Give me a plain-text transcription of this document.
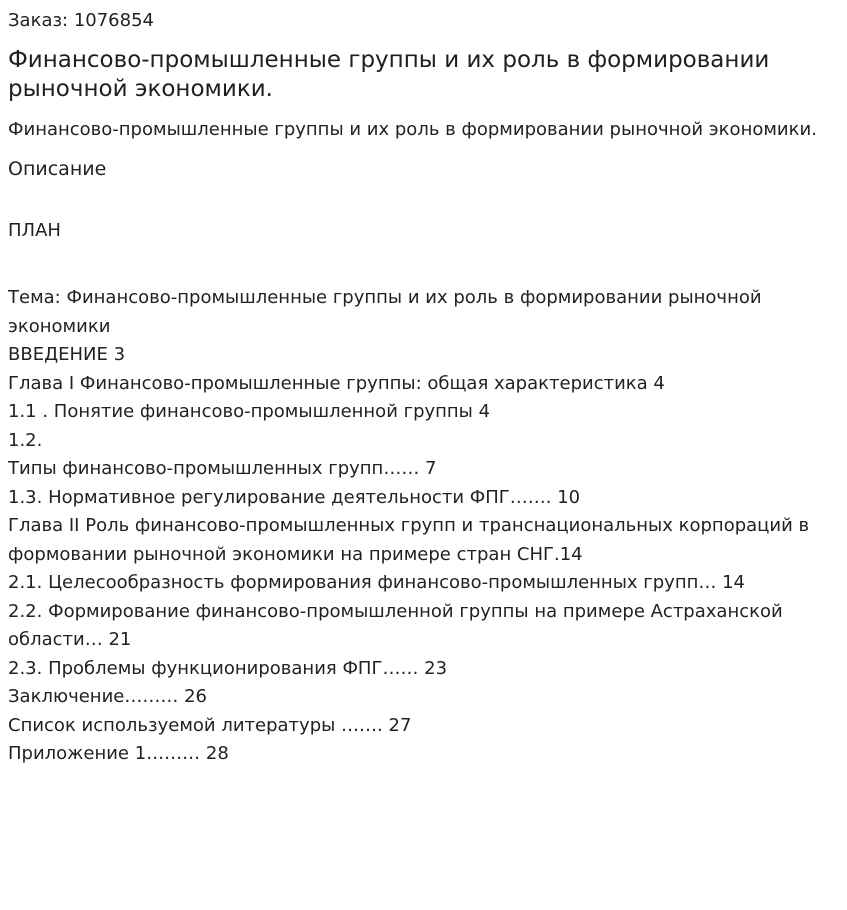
Заказ: 1076854
Финансово-промышленные группы и их роль в формировании рыночной экономики.
Финансово-промышленные группы и их роль в формировании рыночной экономики.
Описание
ПЛАН
Тема: Финансово-промышленные группы и их роль в формировании рыночной экономики
ВВЕДЕНИЕ 3
Глава I Финансово-промышленные группы: общая характеристика 4
1.1 . Понятие финансово-промышленной группы 4
1.2.
Типы финансово-промышленных групп…… 7
1.3. Нормативное регулирование деятельности ФПГ……. 10
Глава II Роль финансово-промышленных групп и транснациональных корпораций в формовании рыночной экономики на примере стран СНГ.14
2.1. Целесообразность формирования финансово-промышленных групп… 14
2.2. Формирование финансово-промышленной группы на примере Астраханской области… 21
2.3. Проблемы функционирования ФПГ…… 23
Заключение……… 26
Список используемой литературы ……. 27
Приложение 1……… 28
